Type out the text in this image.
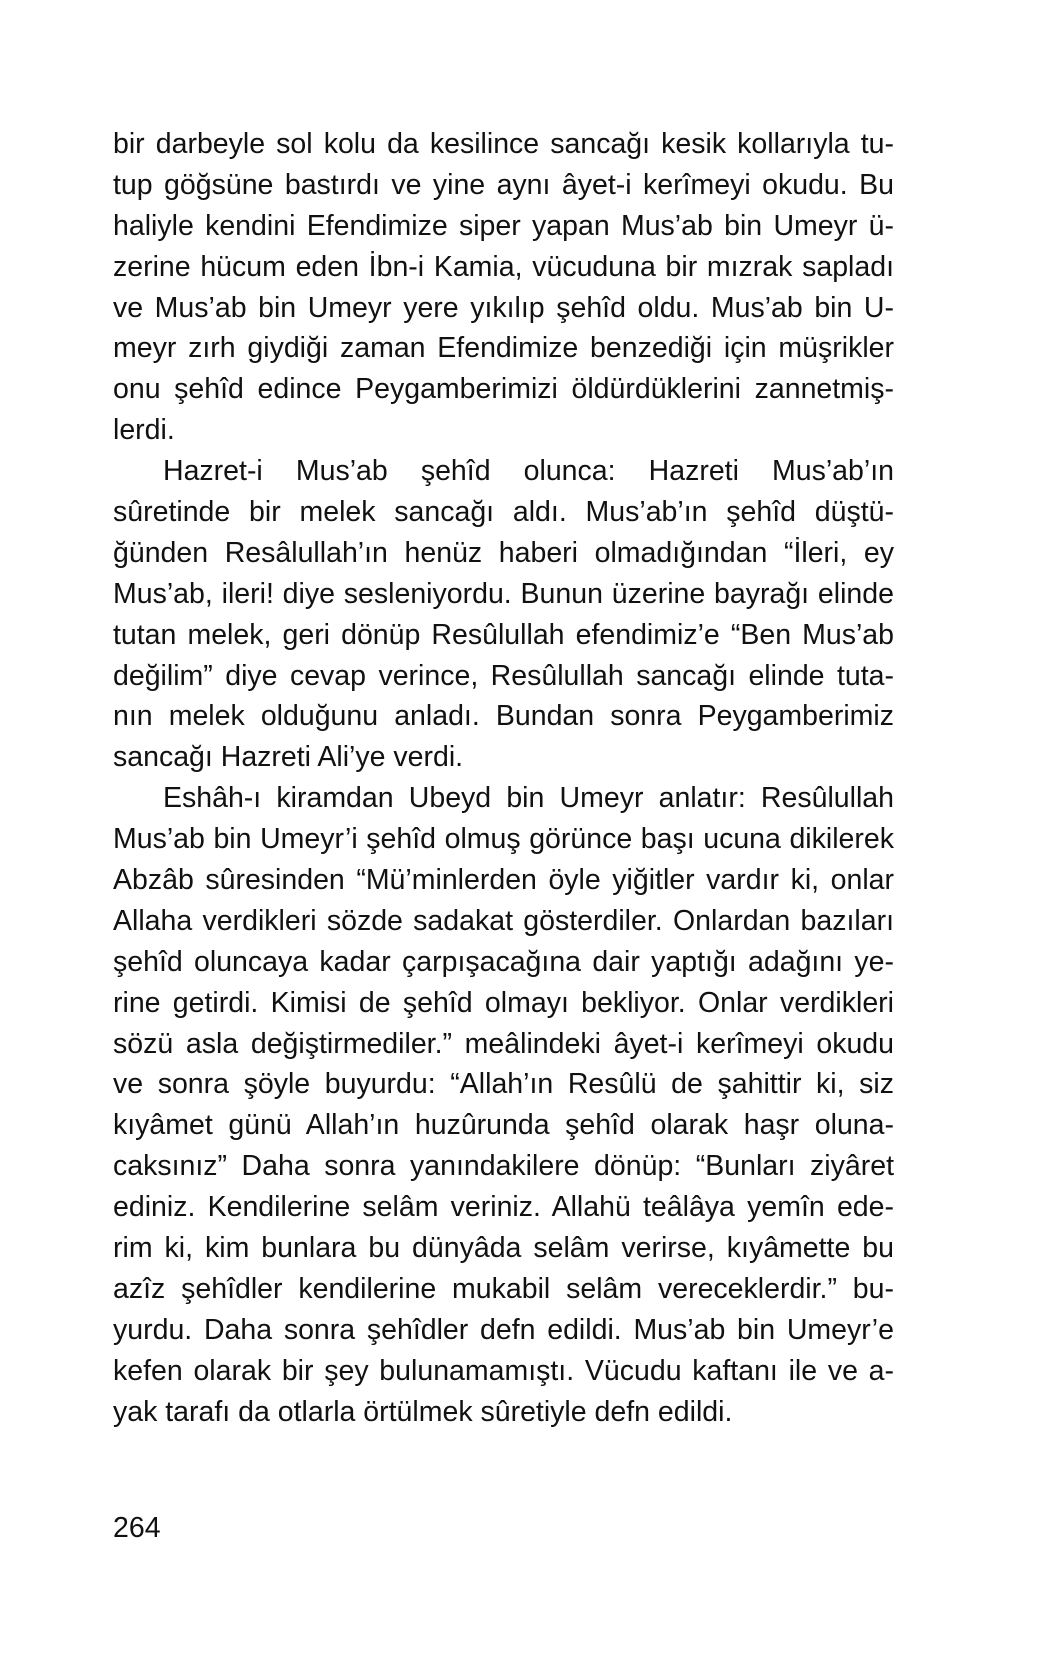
bir darbeyle sol kolu da kesilince sancağı kesik kollarıyla tu-
tup göğsüne bastırdı ve yine aynı âyet-i kerîmeyi okudu. Bu
haliyle kendini Efendimize siper yapan Mus’ab bin Umeyr ü-
zerine hücum eden İbn-i Kamia, vücuduna bir mızrak sapladı
ve Mus’ab bin Umeyr yere yıkılıp şehîd oldu. Mus’ab bin U-
meyr zırh giydiği zaman Efendimize benzediği için müşrikler
onu şehîd edince Peygamberimizi öldürdüklerini zannetmiş-
lerdi.
Hazret-i Mus’ab şehîd olunca: Hazreti Mus’ab’ın
sûretinde bir melek sancağı aldı. Mus’ab’ın şehîd düştü-
ğünden Resâlullah’ın henüz haberi olmadığından “İleri, ey
Mus’ab, ileri! diye sesleniyordu. Bunun üzerine bayrağı elinde
tutan melek, geri dönüp Resûlullah efendimiz’e “Ben Mus’ab
değilim” diye cevap verince, Resûlullah sancağı elinde tuta-
nın melek olduğunu anladı. Bundan sonra Peygamberimiz
sancağı Hazreti Ali’ye verdi.
Eshâh-ı kiramdan Ubeyd bin Umeyr anlatır: Resûlullah
Mus’ab bin Umeyr’i şehîd olmuş görünce başı ucuna dikilerek
Abzâb sûresinden “Mü’minlerden öyle yiğitler vardır ki, onlar
Allaha verdikleri sözde sadakat gösterdiler. Onlardan bazıları
şehîd oluncaya kadar çarpışacağına dair yaptığı adağını ye-
rine getirdi. Kimisi de şehîd olmayı bekliyor. Onlar verdikleri
sözü asla değiştirmediler.” meâlindeki âyet-i kerîmeyi okudu
ve sonra şöyle buyurdu: “Allah’ın Resûlü de şahittir ki, siz
kıyâmet günü Allah’ın huzûrunda şehîd olarak haşr oluna-
caksınız” Daha sonra yanındakilere dönüp: “Bunları ziyâret
ediniz. Kendilerine selâm veriniz. Allahü teâlâya yemîn ede-
rim ki, kim bunlara bu dünyâda selâm verirse, kıyâmette bu
azîz şehîdler kendilerine mukabil selâm vereceklerdir.” bu-
yurdu. Daha sonra şehîdler defn edildi. Mus’ab bin Umeyr’e
kefen olarak bir şey bulunamamıştı. Vücudu kaftanı ile ve a-
yak tarafı da otlarla örtülmek sûretiyle defn edildi.
264
